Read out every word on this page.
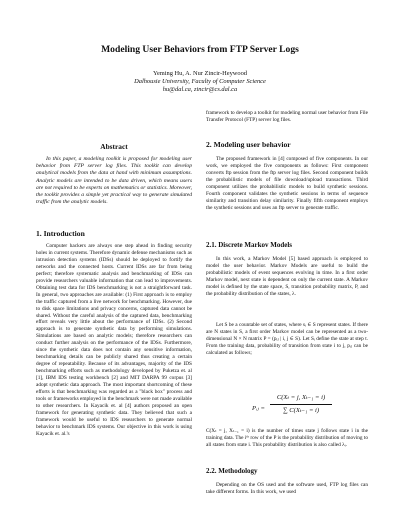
Modeling User Behaviors from FTP Server Logs
Yeming Hu, A. Nur Zincir-Heywood
Dalhousie University, Faculty of Computer Science
hu@dal.ca, zincir@cs.dal.ca
Abstract

In this paper, a modeling toolkit is proposed for modeling user behavior from FTP server log files. This toolkit can develop analytical models from the data at hand with minimum assumptions. Analytic models are intended to be data driven, which means users are not required to be experts on mathematics or statistics. Moreover, the toolkit provides a simple yet practical way to generate simulated traffic from the analytic models.

1. Introduction

Computer hackers are always one step ahead in finding security holes in current systems. Therefore dynamic defense mechanisms such as intrusion detection systems (IDSs) should be deployed to fortify the networks and the connected hosts. Current IDSs are far from being perfect; therefore systematic analysis and benchmarking of IDSs can provide researchers valuable information that can lead to improvements. Obtaining test data for IDS benchmarking is not a straightforward task. In general, two approaches are available: (1) First approach is to employ the traffic captured from a live network for benchmarking. However, due to disk space limitations and privacy concerns, captured data cannot be shared. Without the careful analysis of the captured data, benchmarking effort reveals very little about the performance of IDSs. (2) Second approach is to generate synthetic data by performing simulations. Simulations are based on analytic models; therefore researchers can conduct further analysis on the performance of the IDSs. Furthermore, since the synthetic data does not contain any sensitive information, benchmarking details can be publicly shared thus creating a certain degree of repeatability. Because of its advantages, majority of the IDS benchmarking efforts such as methodology developed by Puketza et. al [1], IBM IDS testing workbench [2] and MIT DARPA 99 corpus [3] adopt synthetic data approach. The most important shortcoming of these efforts is that benchmarking was regarded as a "black box" process and tools or frameworks employed in the benchmark were not made available to other researchers. In Kayacik et. al [4] authors proposed an open framework for generating synthetic data. They believed that such a framework would be useful to IDS researchers to generate normal behavior to benchmark IDS systems. Our objective in this work is using Kayacik et. al.'s

framework to develop a toolkit for modeling normal user behavior from File Transfer Protocol (FTP) server log files.

2. Modeling user behavior

The proposed framework in [4] composed of five components. In our work, we employed the five components as follows: First component converts ftp session from the ftp server log files. Second component builds the probabilistic models of file download/upload transactions. Third component utilizes the probabilistic models to build synthetic sessions. Fourth component validates the synthetic sessions in terms of sequence similarity and transition delay similarity. Finally fifth component employs the synthetic sessions and uses an ftp server to generate traffic.

2.1. Discrete Markov Models

In this work, a Markov Model [5] based approach is employed to model the user behavior. Markov Models are useful to build the probabilistic models of event sequences evolving in time. In a first order Markov model, next state is dependent on only the current state. A Markov model is defined by the state space, S, transition probability matrix, P, and the probability distribution of the states, λ.

Let S be a countable set of states, where sᵢ ∈ S represent states. If there are N states in S, a first order Markov model can be represented as a two-dimensional N × N matrix P = (pᵢⱼ | i, j ∈ S). Let Sᵢ define the state at step t. From the training data, probability of transition from state i to j, pᵢⱼ can be calculated as follows;

Pᵢⱼ =
C(Xₜ = j, Xₜ₋₁ = i)
∑ C(Xₜ₋₁ = i)

C(Xₜ = j, Xₜ₋₁ = i) is the number of times state j follows state i in the training data. The iᵗʰ row of the P is the probability distribution of moving to all states from state i. This probability distribution is also called λᵢ.

2.2. Methodology

Depending on the OS used and the software used, FTP log files can take different forms. In this work, we used
